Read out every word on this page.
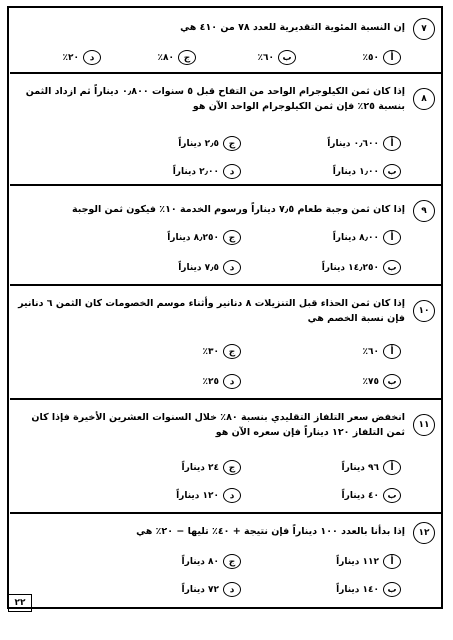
٧
إن النسبة المئوية التقديرية للعدد ٧٨ من ٤١٠ هي
أ
٥٠٪
ب
٦٠٪
ج
٨٠٪
د
٢٠٪
٨
إذا كان ثمن الكيلوجرام الواحد من التفاح قبل ٥ سنوات ٠٫٨٠٠ ديناراً ثم ازداد الثمن بنسبة ٢٥٪ فإن ثمن الكيلوجرام الواحد الآن هو
أ
٠٫٦٠٠ ديناراً
ج
٢٫٥ ديناراً
ب
١٫٠٠ ديناراً
د
٢٫٠٠ ديناراً
٩
إذا كان ثمن وجبة طعام ٧٫٥ ديناراً ورسوم الخدمة ١٠٪ فيكون ثمن الوجبة
أ
٨٫٠٠ ديناراً
ج
٨٫٢٥٠ ديناراً
ب
١٤٫٢٥٠ ديناراً
د
٧٫٥ ديناراً
١٠
إذا كان ثمن الحذاء قبل التنزيلات ٨ دنانير وأثناء موسم الخصومات كان الثمن ٦ دنانير فإن نسبة الخصم هي
أ
٦٠٪
ج
٣٠٪
ب
٧٥٪
د
٢٥٪
١١
انخفض سعر التلفاز التقليدي بنسبة ٨٠٪ خلال السنوات العشرين الأخيرة فإذا كان ثمن التلفاز ١٢٠ ديناراً فإن سعره الآن هو
أ
٩٦ ديناراً
ج
٢٤ ديناراً
ب
٤٠ ديناراً
د
١٢٠ ديناراً
١٢
إذا بدأنا بالعدد ١٠٠ ديناراً فإن نتيجة + ٤٠٪ تليها − ٢٠٪ هي
أ
١١٢ ديناراً
ج
٨٠ ديناراً
ب
١٤٠ ديناراً
د
٧٢ ديناراً
٢٢
